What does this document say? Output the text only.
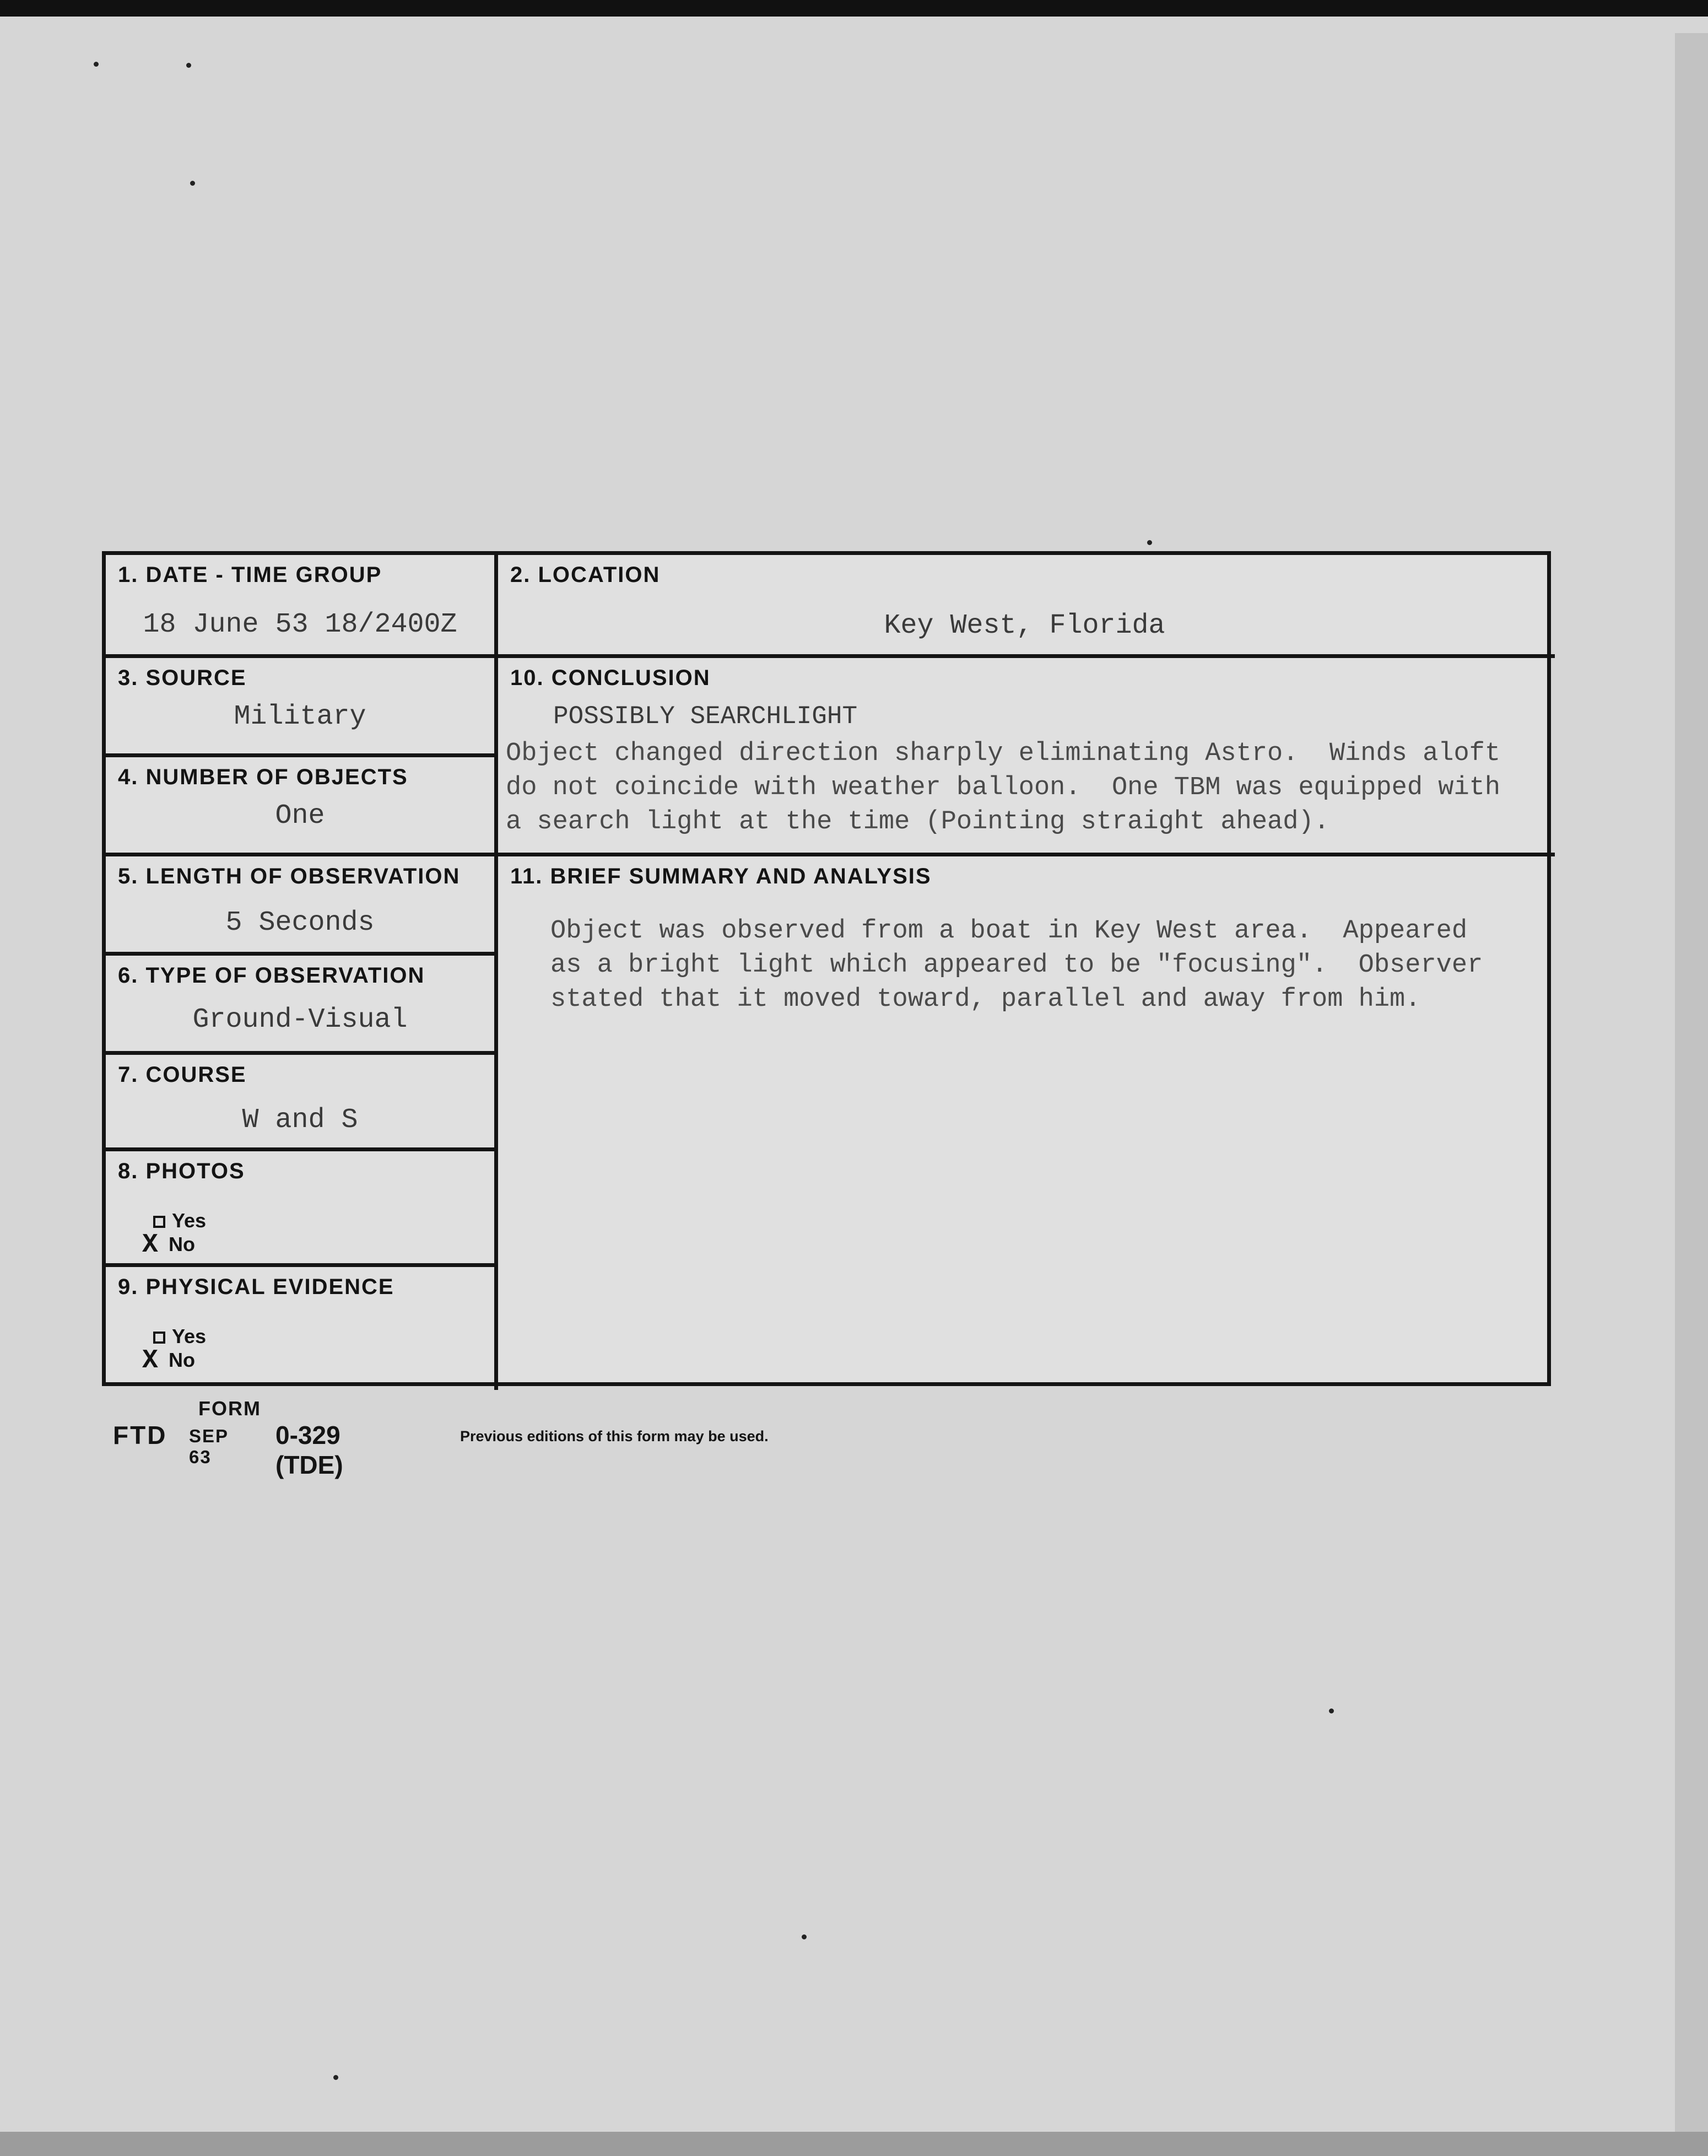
1. DATE - TIME GROUP
18 June 53 18/2400Z
2. LOCATION
Key West, Florida
3. SOURCE
Military
4. NUMBER OF OBJECTS
One
10. CONCLUSION
POSSIBLY SEARCHLIGHT
Object changed direction sharply eliminating Astro.  Winds aloft
do not coincide with weather balloon.  One TBM was equipped with
a search light at the time (Pointing straight ahead).
5. LENGTH OF OBSERVATION
5 Seconds
11. BRIEF SUMMARY AND ANALYSIS
Object was observed from a boat in Key West area.  Appeared
as a bright light which appeared to be "focusing".  Observer
stated that it moved toward, parallel and away from him.
6. TYPE OF OBSERVATION
Ground-Visual
7. COURSE
W and S
8. PHOTOS
Yes
XNo
9. PHYSICAL EVIDENCE
Yes
XNo
FORM
FTD SEP 63
0-329 (TDE)
Previous editions of this form may be used.
